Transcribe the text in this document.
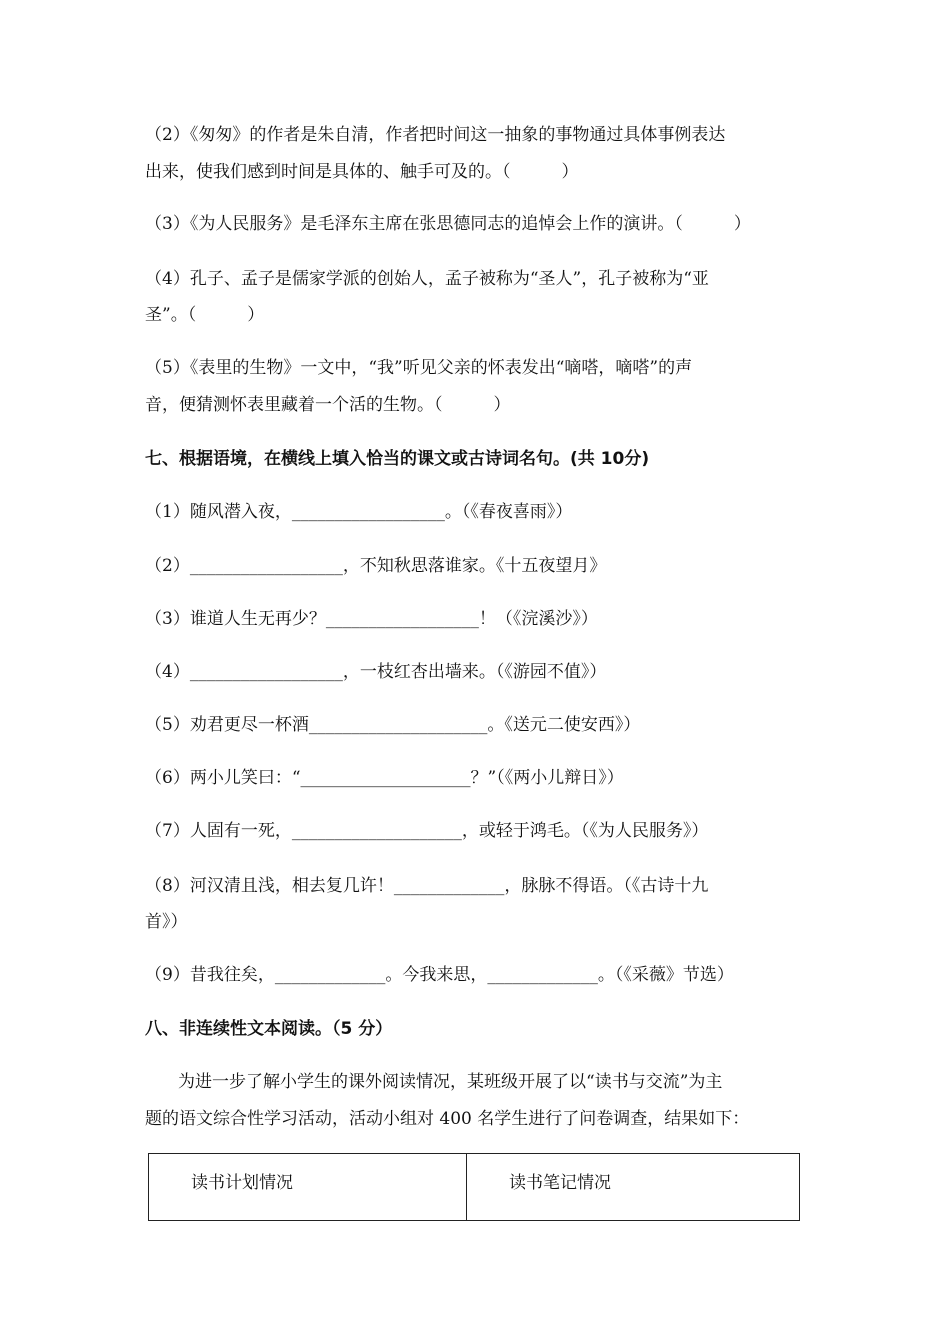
（2）《匆匆》的作者是朱自清，作者把时间这一抽象的事物通过具体事例表达
出来，使我们感到时间是具体的、触手可及的。（　　　）
（3）《为人民服务》是毛泽东主席在张思德同志的追悼会上作的演讲。（　　　）
（4）孔子、孟子是儒家学派的创始人，孟子被称为“圣人”，孔子被称为“亚
圣”。（　　　）
（5）《表里的生物》一文中，“我”听见父亲的怀表发出“嘀嗒，嘀嗒”的声
音，便猜测怀表里藏着一个活的生物。（　　　）
七、根据语境，在横线上填入恰当的课文或古诗词名句。(共 10分)
（1）随风潜入夜，__________________。（《春夜喜雨》）
（2）__________________，不知秋思落谁家。《十五夜望月》
（3）谁道人生无再少？__________________！（《浣溪沙》）
（4）__________________，一枝红杏出墙来。（《游园不值》）
（5）劝君更尽一杯酒_____________________。《送元二使安西》）
（6）两小儿笑曰：“____________________？”（《两小儿辩日》）
（7）人固有一死，____________________，或轻于鸿毛。（《为人民服务》）
（8）河汉清且浅，相去复几许！_____________，脉脉不得语。（《古诗十九
首》）
（9）昔我往矣，_____________。今我来思，_____________。（《采薇》节选）
八、非连续性文本阅读。（5 分）
为进一步了解小学生的课外阅读情况，某班级开展了以“读书与交流”为主
题的语文综合性学习活动，活动小组对 400 名学生进行了问卷调查，结果如下：
读书计划情况	读书笔记情况
